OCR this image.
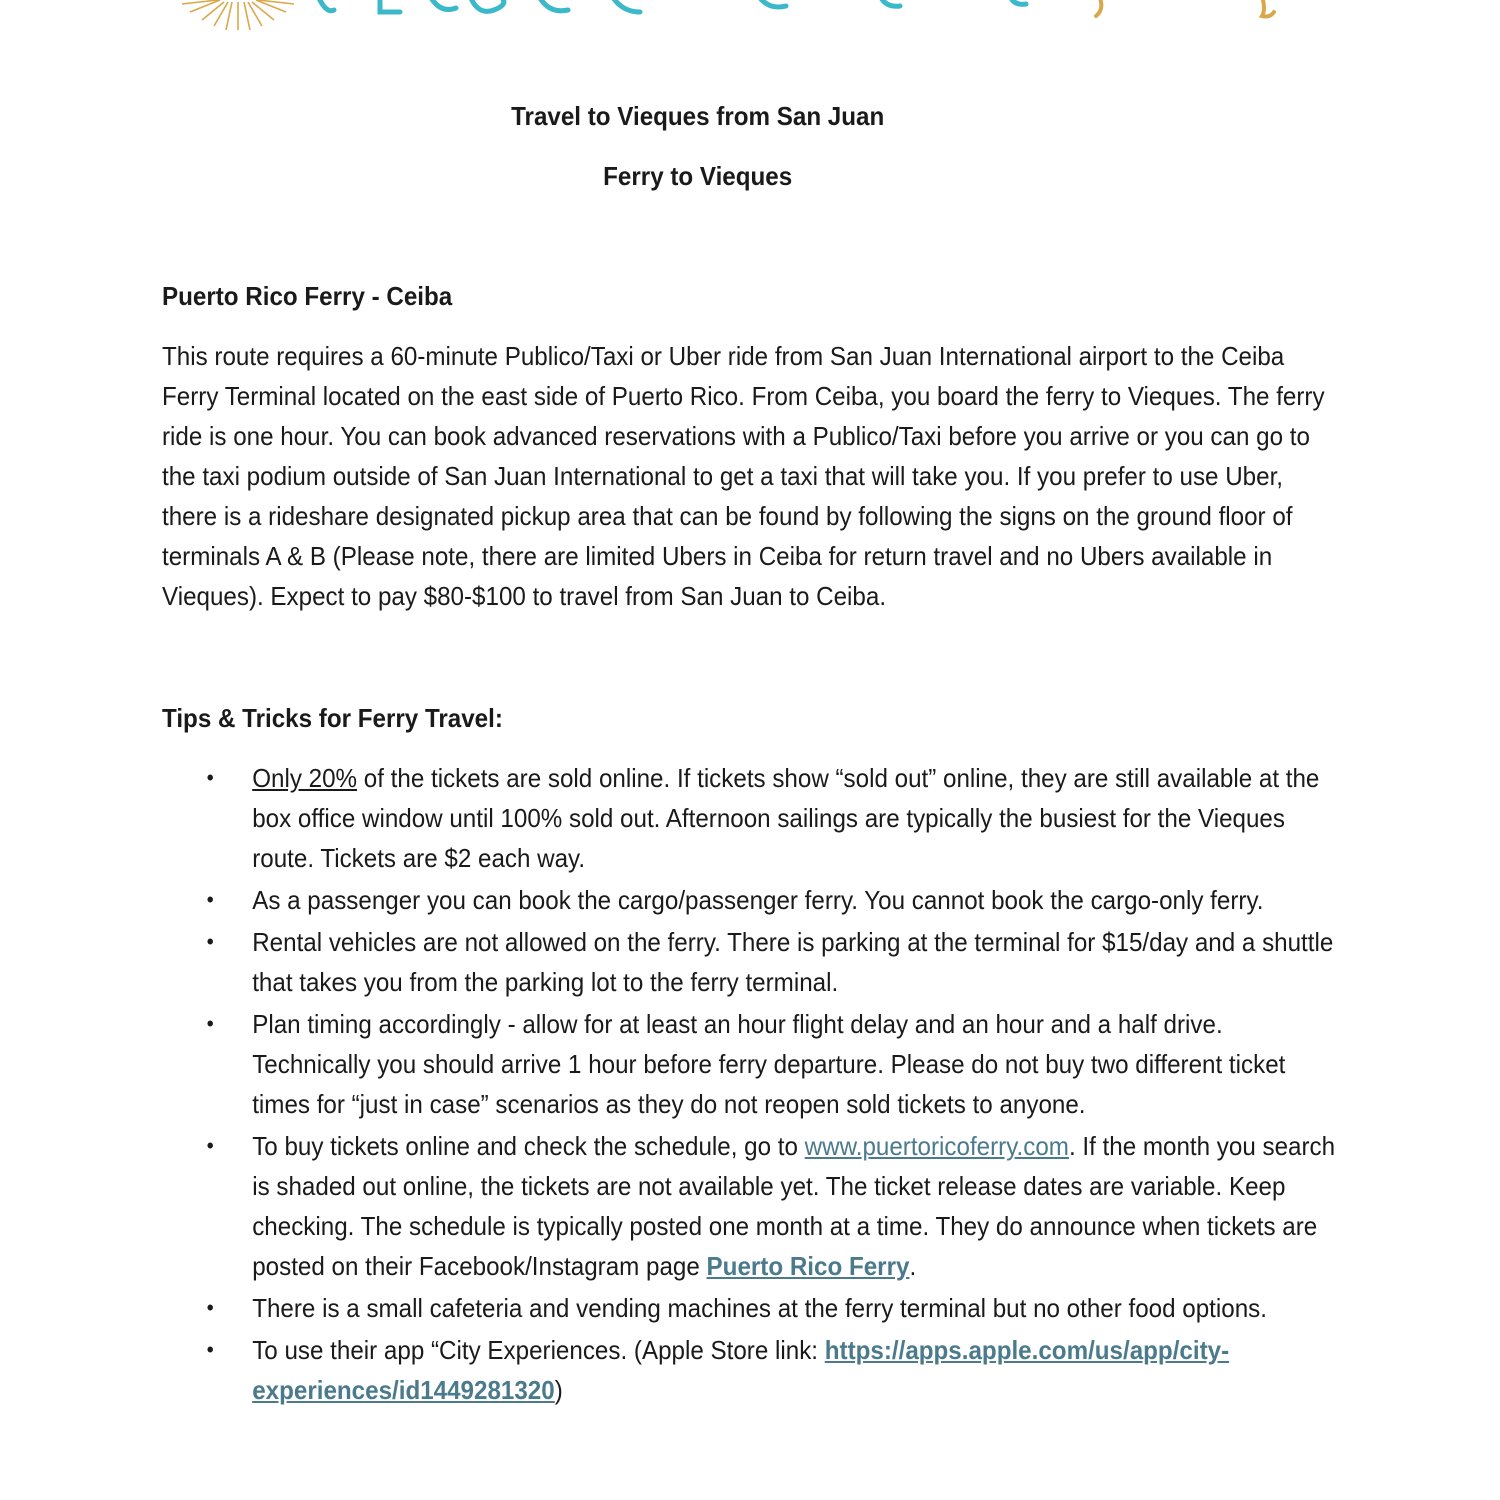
Travel to Vieques from San Juan

Ferry to Vieques

Puerto Rico Ferry - Ceiba

This route requires a 60-minute Publico/Taxi or Uber ride from San Juan International airport to the Ceiba Ferry Terminal located on the east side of Puerto Rico. From Ceiba, you board the ferry to Vieques. The ferry ride is one hour. You can book advanced reservations with a Publico/Taxi before you arrive or you can go to the taxi podium outside of San Juan International to get a taxi that will take you. If you prefer to use Uber, there is a rideshare designated pickup area that can be found by following the signs on the ground floor of terminals A & B (Please note, there are limited Ubers in Ceiba for return travel and no Ubers available in Vieques). Expect to pay $80-$100 to travel from San Juan to Ceiba.

Tips & Tricks for Ferry Travel:

• Only 20% of the tickets are sold online. If tickets show “sold out” online, they are still available at the box office window until 100% sold out. Afternoon sailings are typically the busiest for the Vieques route. Tickets are $2 each way.
• As a passenger you can book the cargo/passenger ferry. You cannot book the cargo-only ferry.
• Rental vehicles are not allowed on the ferry. There is parking at the terminal for $15/day and a shuttle that takes you from the parking lot to the ferry terminal.
• Plan timing accordingly - allow for at least an hour flight delay and an hour and a half drive. Technically you should arrive 1 hour before ferry departure. Please do not buy two different ticket times for “just in case” scenarios as they do not reopen sold tickets to anyone.
• To buy tickets online and check the schedule, go to www.puertoricoferry.com. If the month you search is shaded out online, the tickets are not available yet. The ticket release dates are variable. Keep checking. The schedule is typically posted one month at a time. They do announce when tickets are posted on their Facebook/Instagram page Puerto Rico Ferry.
• There is a small cafeteria and vending machines at the ferry terminal but no other food options.
• To use their app “City Experiences. (Apple Store link: https://apps.apple.com/us/app/city-experiences/id1449281320)
